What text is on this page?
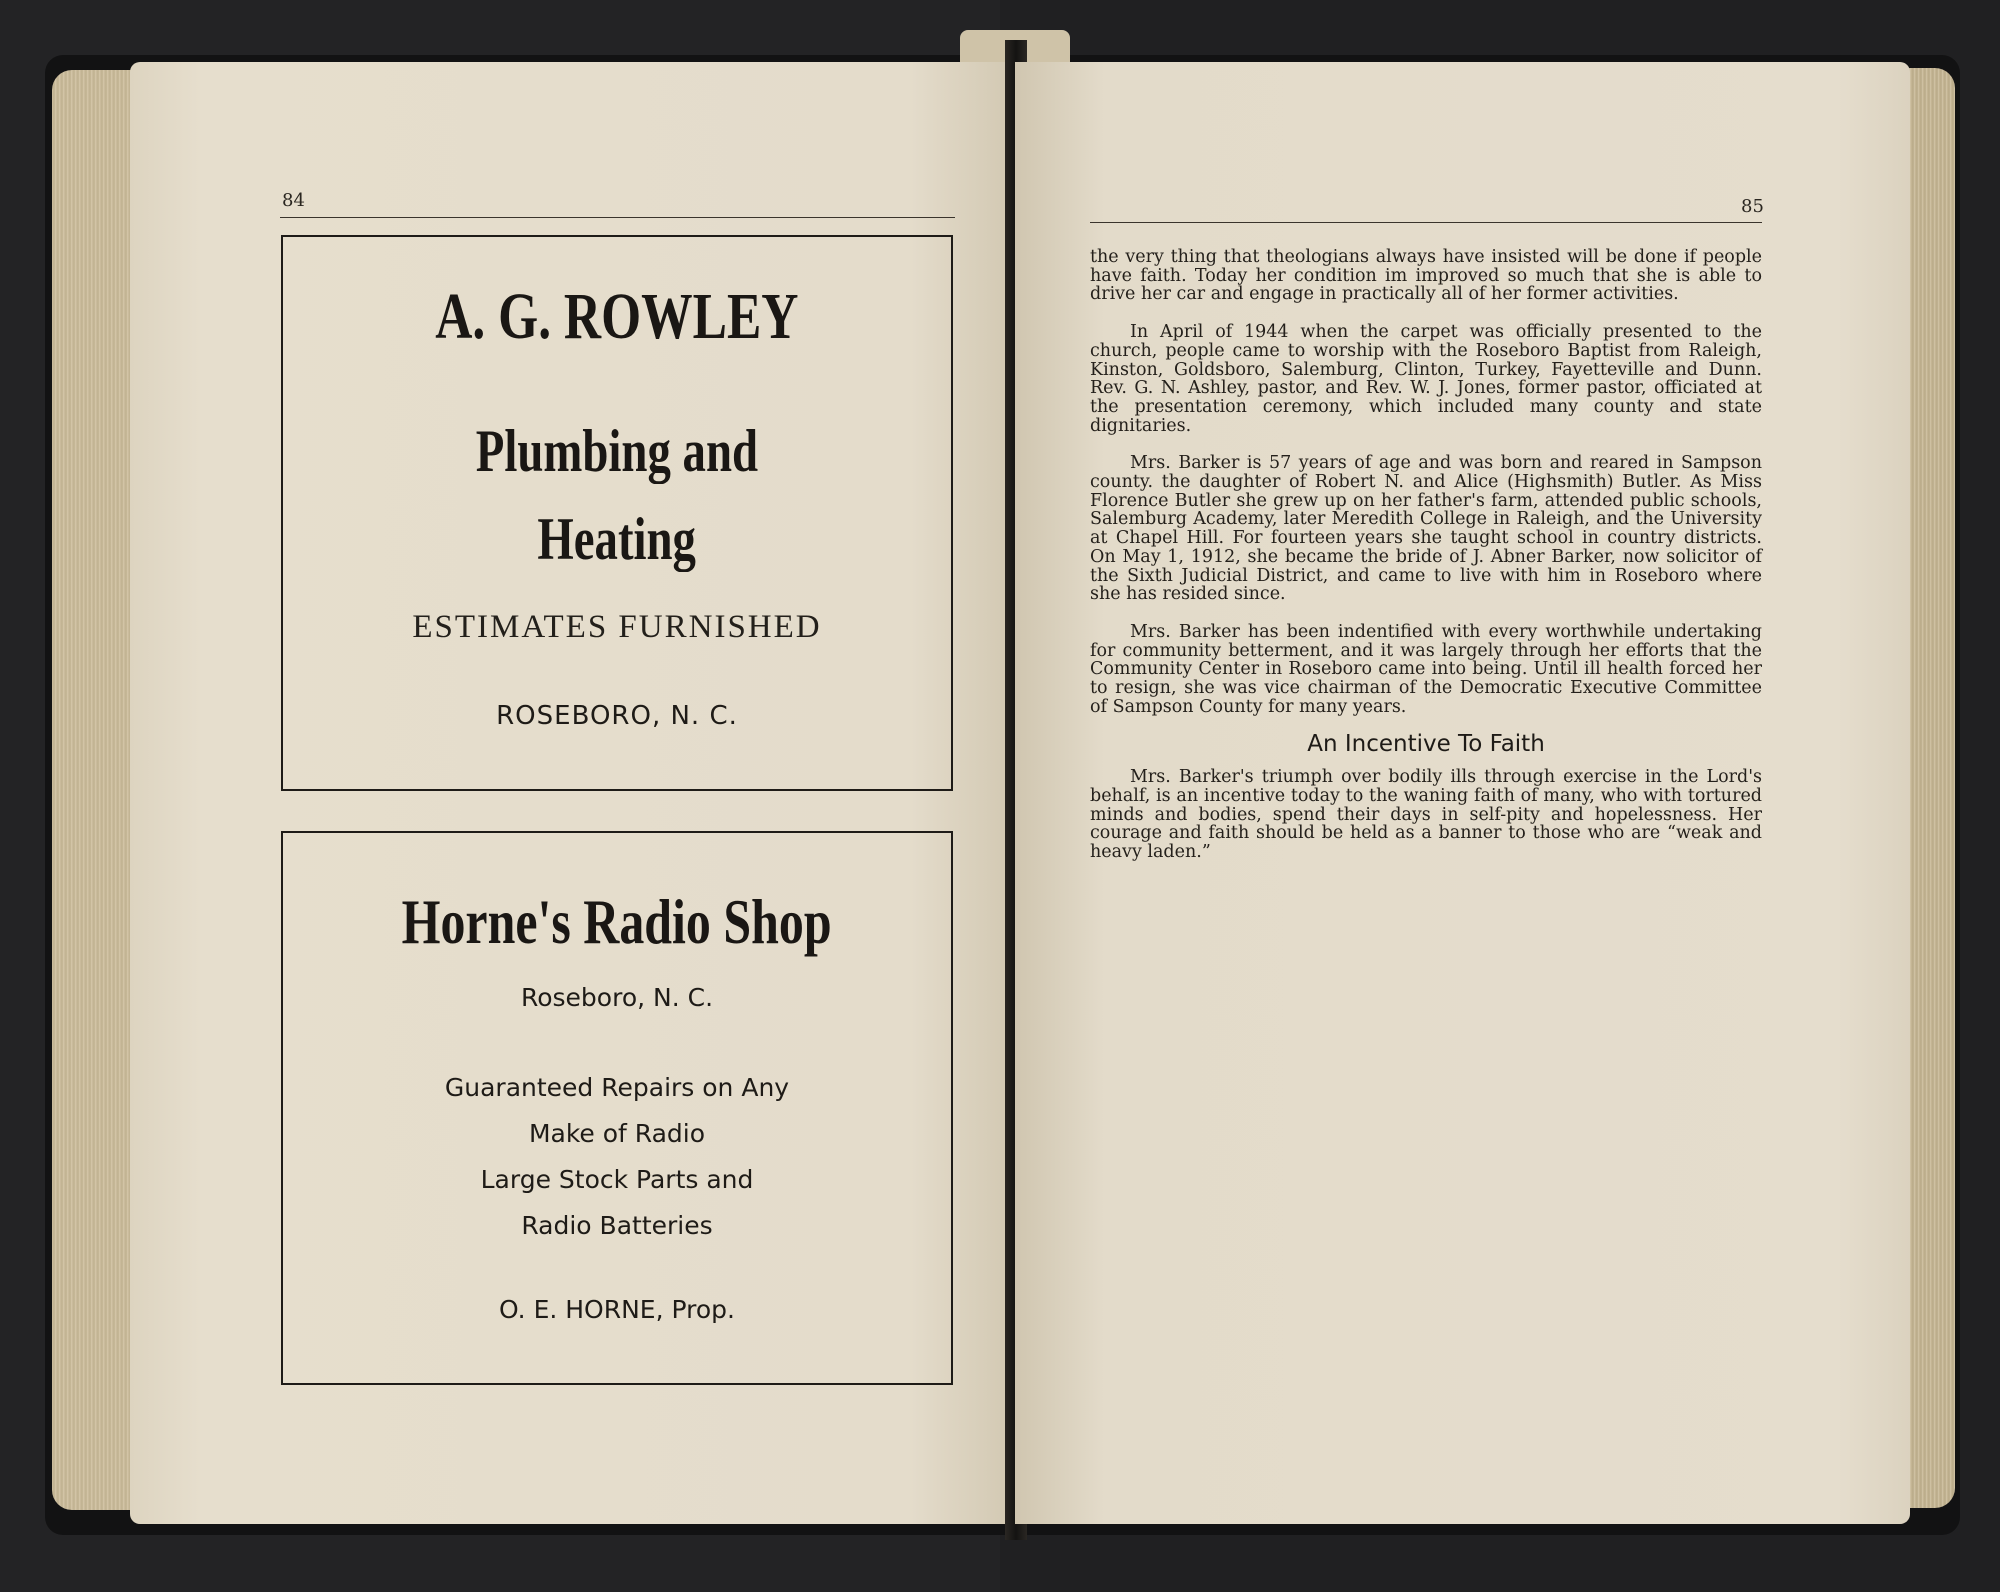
84
A. G. ROWLEY
Plumbing and
Heating
ESTIMATES FURNISHED
ROSEBORO, N. C.
Horne's Radio Shop
Roseboro, N. C.
Guaranteed Repairs on Any
Make of Radio
Large Stock Parts and
Radio Batteries
O. E. HORNE, Prop.
85

the very thing that theologians always have insisted will be done if people have faith. Today her condition im improved so much that she is able to drive her car and engage in practically all of her former activities.

In April of 1944 when the carpet was officially presented to the church, people came to worship with the Roseboro Baptist from Raleigh, Kinston, Goldsboro, Salemburg, Clinton, Turkey, Fayetteville and Dunn. Rev. G. N. Ashley, pastor, and Rev. W. J. Jones, former pastor, officiated at the presentation ceremony, which included many county and state dignitaries.

Mrs. Barker is 57 years of age and was born and reared in Sampson county. the daughter of Robert N. and Alice (Highsmith) Butler. As Miss Florence Butler she grew up on her father's farm, attended public schools, Salemburg Academy, later Meredith College in Raleigh, and the University at Chapel Hill. For fourteen years she taught school in country districts. On May 1, 1912, she became the bride of J. Abner Barker, now solicitor of the Sixth Judicial District, and came to live with him in Roseboro where she has resided since.

Mrs. Barker has been indentified with every worthwhile undertaking for community betterment, and it was largely through her efforts that the Community Center in Roseboro came into being. Until ill health forced her to resign, she was vice chairman of the Democratic Executive Committee of Sampson County for many years.

An Incentive To Faith

Mrs. Barker's triumph over bodily ills through exercise in the Lord's behalf, is an incentive today to the waning faith of many, who with tortured minds and bodies, spend their days in self-pity and hopelessness. Her courage and faith should be held as a banner to those who are “weak and heavy laden.”
